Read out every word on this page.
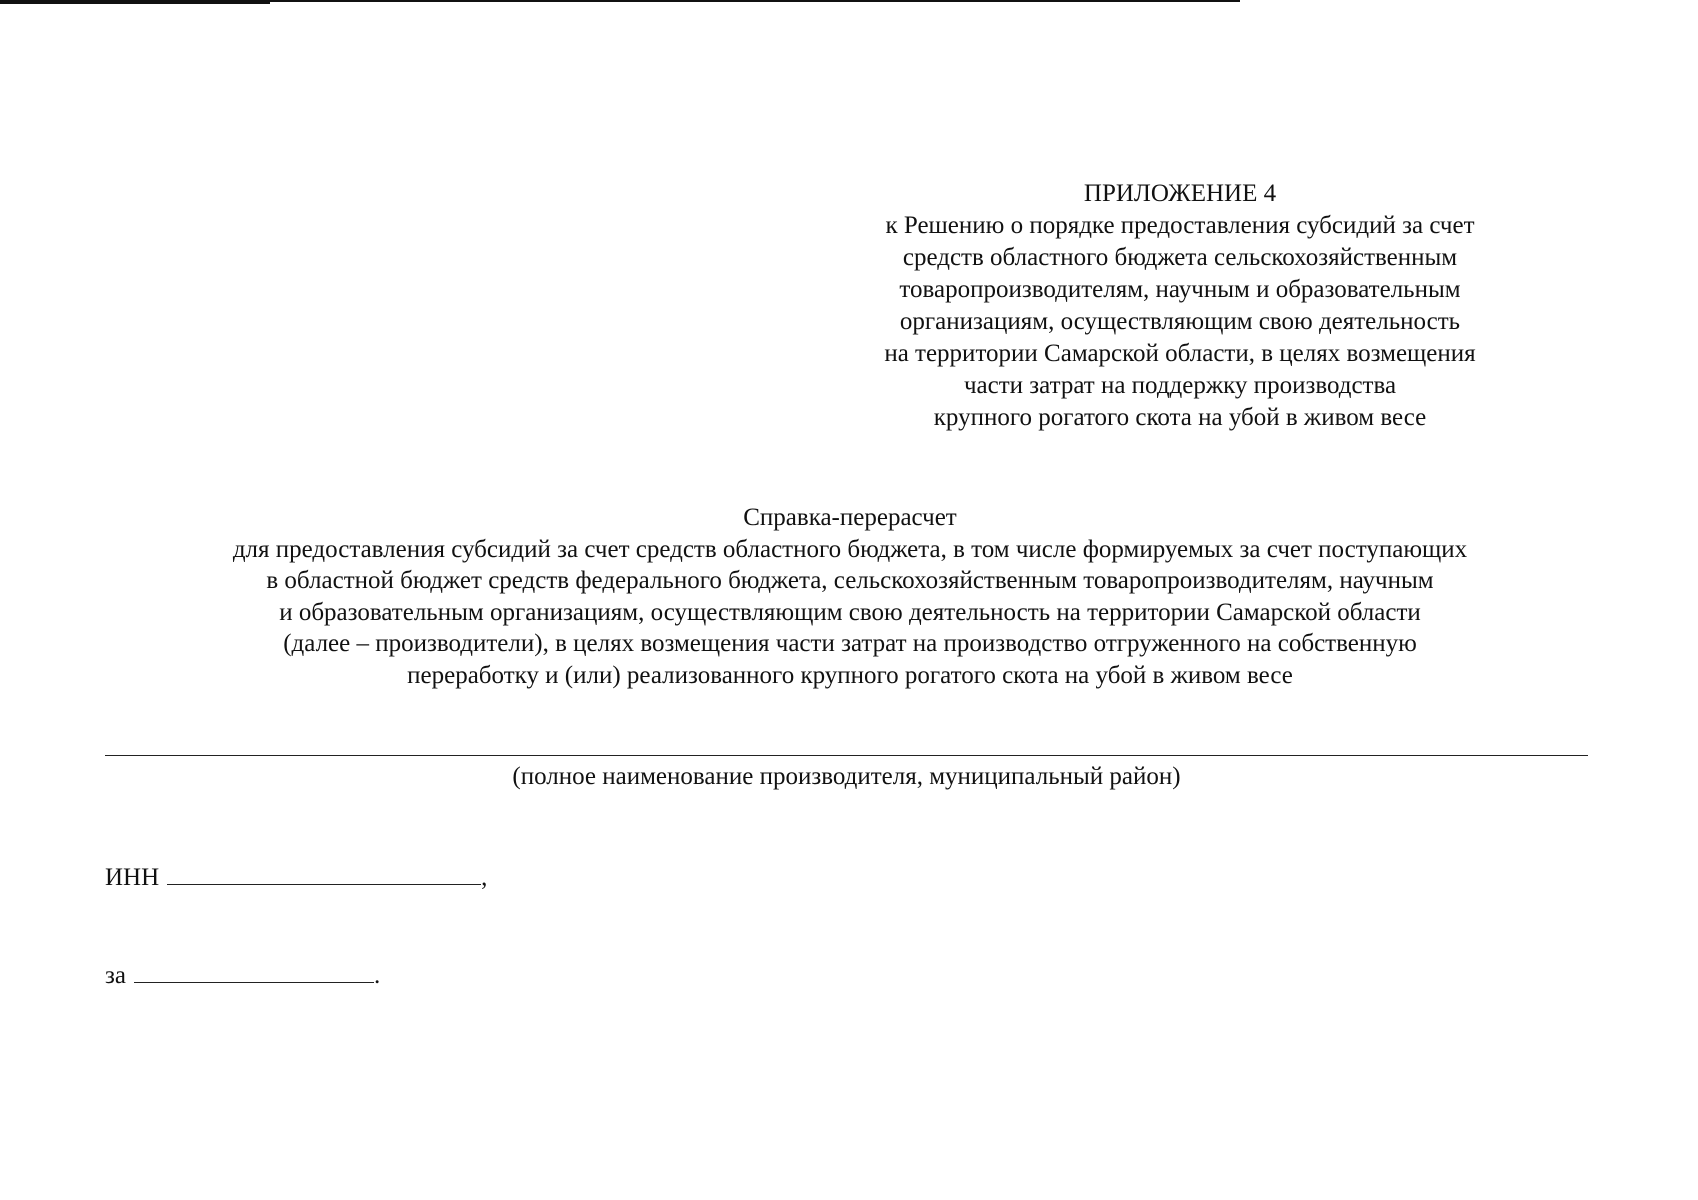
ПРИЛОЖЕНИЕ 4
к Решению о порядке предоставления субсидий за счет
средств областного бюджета сельскохозяйственным
товаропроизводителям, научным и образовательным
организациям, осуществляющим свою деятельность
на территории Самарской области, в целях возмещения
части затрат на поддержку производства
крупного рогатого скота на убой в живом весе
Справка-перерасчет
для предоставления субсидий за счет средств областного бюджета, в том числе формируемых за счет поступающих
в областной бюджет средств федерального бюджета, сельскохозяйственным товаропроизводителям, научным
и образовательным организациям, осуществляющим свою деятельность на территории Самарской области
(далее – производители), в целях возмещения части затрат на производство отгруженного на собственную
переработку и (или) реализованного крупного рогатого скота на убой в живом весе
(полное наименование производителя, муниципальный район)
ИНН	,
за	.
